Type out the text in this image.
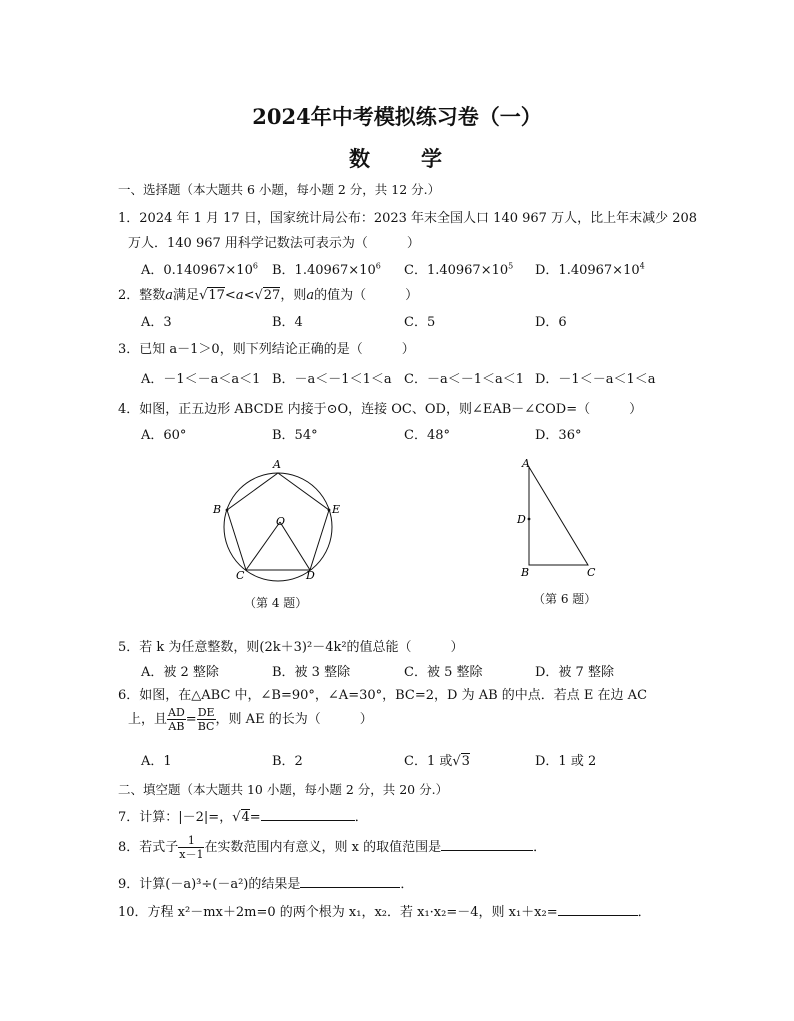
2024年中考模拟练习卷（一）
数　　学
一、选择题（本大题共 6 小题，每小题 2 分，共 12 分.）
1．2024 年 1 月 17 日，国家统计局公布：2023 年末全国人口 140 967 万人，比上年末减少 208
万人．140 967 用科学记数法可表示为（　　　）
A．$0.140967\times 10^6$ B．$1.40967\times 10^6$ C．$1.40967\times 10^5$ D．$1.40967\times 10^4$
2．整数a满足√17<a<√27，则a的值为（　　　）
A．3	B．4	C．5	D．6
3．已知 a－1＞0，则下列结论正确的是（　　　）
A．－1＜－a＜a＜1 B．－a＜－1＜1＜a C．－a＜－1＜a＜1 D．－1＜－a＜1＜a
4．如图，正五边形 ABCDE 内接于⊙O，连接 OC、OD，则∠EAB－∠COD=（　　　）
A．60°	B．54°	C．48°	D．36°
A
B
C	D
E
O
（第 4 题）
A
D
B	C
（第 6 题）
5．若 k 为任意整数，则(2k＋3)²－4k²的值总能（　　　）
A．被 2 整除	B．被 3 整除	C．被 5 整除	D．被 7 整除
6．如图，在△ABC 中，∠B=90°，∠A=30°，BC=2，D 为 AB 的中点．若点 E 在边 AC
上，且 $\frac{AD}{AB} = \frac{DE}{BC}$ ，则 AE 的长为（　　　）
A．1	B．2	C．1 或√3	D．1 或 2
二、填空题（本大题共 10 小题，每小题 2 分，共 20 分.）
7．计算：|－2|=，√4=	．
8．若式子 $\frac{1}{x-1}$ 在实数范围内有意义，则 x 的取值范围是	．
9．计算(－a)³÷(－a²)的结果是	．
10．方程 x²－mx＋2m=0 的两个根为 x₁，x₂．若 x₁·x₂=－4，则 x₁＋x₂=	．
